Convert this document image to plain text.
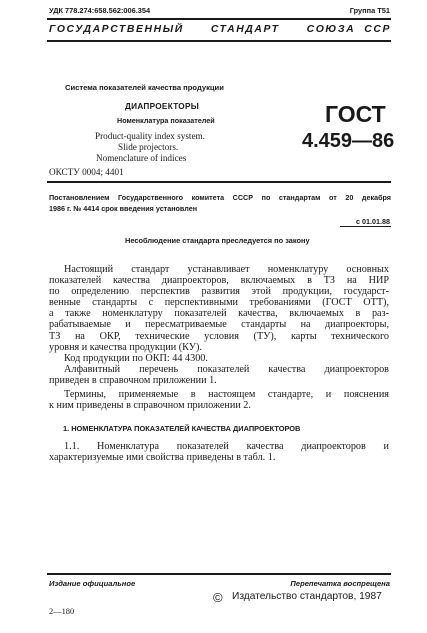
УДК 778.274:658.562:006.354	Группа Т51
ГОСУДАРСТВЕННЫЙ   СТАНДАРТ   СОЮЗА ССР
Система показателей качества продукции
ДИАПРОЕКТОРЫ
Номенклатура показателей
Product-quality index system.
Slide projectors.
Nomenclature of indices
ОКСТУ 0004; 4401
ГОСТ
4.459—86
Постановлением Государственного комитета СССР по стандартам от 20 декабря
1986 г. № 4414 срок введения установлен
с 01.01.88
Несоблюдение стандарта преследуется по закону
Настоящий стандарт устанавливает номенклатуру основных
показателей качества диапроекторов, включаемых в ТЗ на НИР
по определению перспектив развития этой продукции, государст-
венные стандарты с перспективными требованиями (ГОСТ ОТТ),
а также номенклатуру показателей качества, включаемых в раз-
рабатываемые и пересматриваемые стандарты на диапроекторы,
ТЗ на ОКР, технические условия (ТУ), карты технического
уровня и качества продукции (КУ).
Код продукции по ОКП: 44 4300.
Алфавитный перечень показателей качества диапроекторов
приведен в справочном приложении 1.
Термины, применяемые в настоящем стандарте, и пояснения
к ним приведены в справочном приложении 2.
1. НОМЕНКЛАТУРА ПОКАЗАТЕЛЕЙ КАЧЕСТВА ДИАПРОЕКТОРОВ
1.1. Номенклатура показателей качества диапроекторов и
характеризуемые ими свойства приведены в табл. 1.
Издание официальное	Перепечатка воспрещена
© Издательство стандартов, 1987
2—180
